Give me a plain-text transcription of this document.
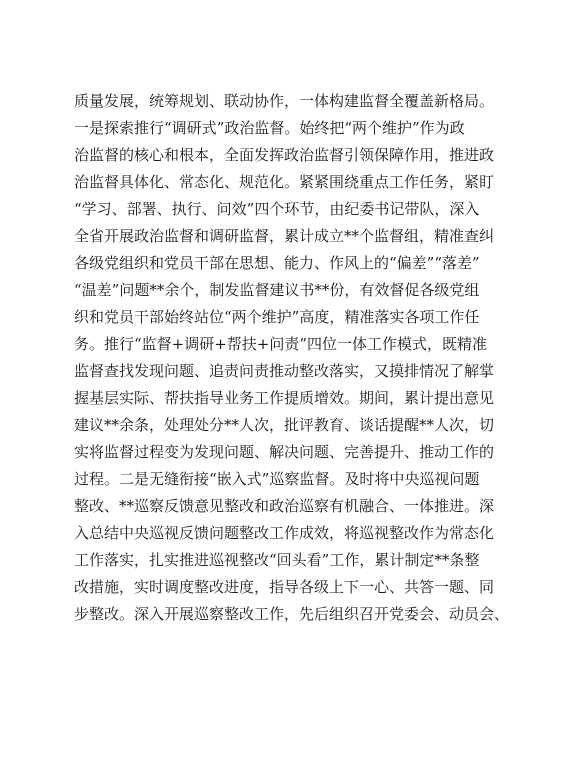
质量发展，统筹规划、联动协作，一体构建监督全覆盖新格局。
一是探索推行“调研式”政治监督。始终把“两个维护”作为政
治监督的核心和根本，全面发挥政治监督引领保障作用，推进政
治监督具体化、常态化、规范化。紧紧围绕重点工作任务，紧盯
“学习、部署、执行、问效”四个环节，由纪委书记带队，深入
全省开展政治监督和调研监督，累计成立**个监督组，精准查纠
各级党组织和党员干部在思想、能力、作风上的“偏差”“落差”
“温差”问题**余个，制发监督建议书**份，有效督促各级党组
织和党员干部始终站位“两个维护”高度，精准落实各项工作任
务。推行“监督+调研+帮扶+问责”四位一体工作模式，既精准
监督查找发现问题、追责问责推动整改落实，又摸排情况了解掌
握基层实际、帮扶指导业务工作提质增效。期间，累计提出意见
建议**余条，处理处分**人次，批评教育、谈话提醒**人次，切
实将监督过程变为发现问题、解决问题、完善提升、推动工作的
过程。二是无缝衔接“嵌入式”巡察监督。及时将中央巡视问题
整改、**巡察反馈意见整改和政治巡察有机融合、一体推进。深
入总结中央巡视反馈问题整改工作成效，将巡视整改作为常态化
工作落实，扎实推进巡视整改“回头看”工作，累计制定**条整
改措施，实时调度整改进度，指导各级上下一心、共答一题、同
步整改。深入开展巡察整改工作，先后组织召开党委会、动员会、
